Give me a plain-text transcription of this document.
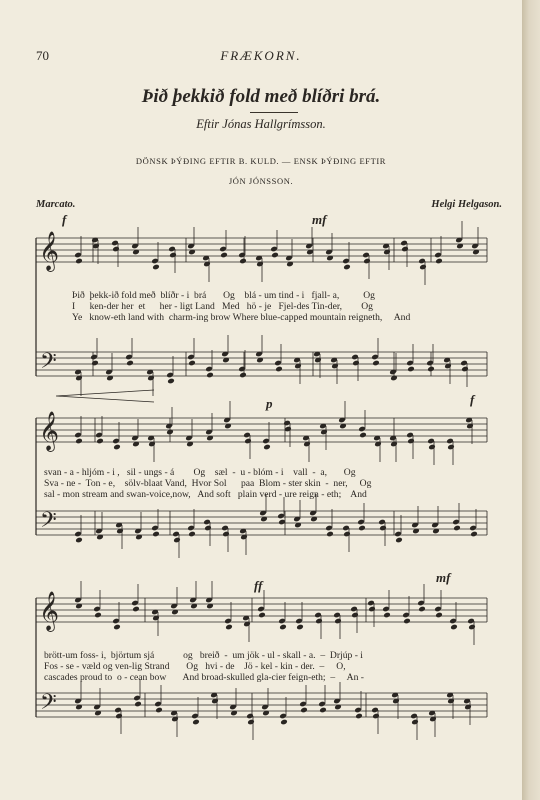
70	FRÆKORN.
Þið þekkið fold með blíðri brá.
Eftir Jónas Hallgrímsson.
DÖNSK ÞÝÐING EFTIR B. KULD. — ENSK ÞÝÐING EFTIR
JÓN JÓNSSON.
Marcato.	Helgi Helgason.
𝄞
𝄢
𝄞
𝄢
𝄞
𝄢
f	mf
p	f
ff
mf
Þið  þekk-ið fold með  blíðr - i  brá       Og    blá - um tind - i   fjall- a,          Og
I      ken-der her  et      her - ligt Land   Med   hö - je   Fjel-des Tin-der,        Og
Ye   know-eth land with  charm-ing brow Where blue-capped mountain reigneth,     And
svan - a - hljóm - i ,   sil - ungs - á        Og    sæl  -  u - blóm - i    vall  -  a,       Og
Sva - ne -  Ton - e,    sölv-blaat Vand,  Hvor Sol      paa  Blom - ster skin  -  ner,     Og
sal - mon stream and swan-voice,now,   And soft   plain verd - ure reign - eth;    And
brött-um foss- i,  björtum sjá            og   breið  -  um jök - ul - skall - a.  –  Drjúp - i
Fos - se - væld og ven-lig Strand       Og   hvi - de    Jö - kel - kin - der.  –     O,
cascades proud to  o - cean bow       And broad-skulled gla-cier feign-eth;  –     An -
